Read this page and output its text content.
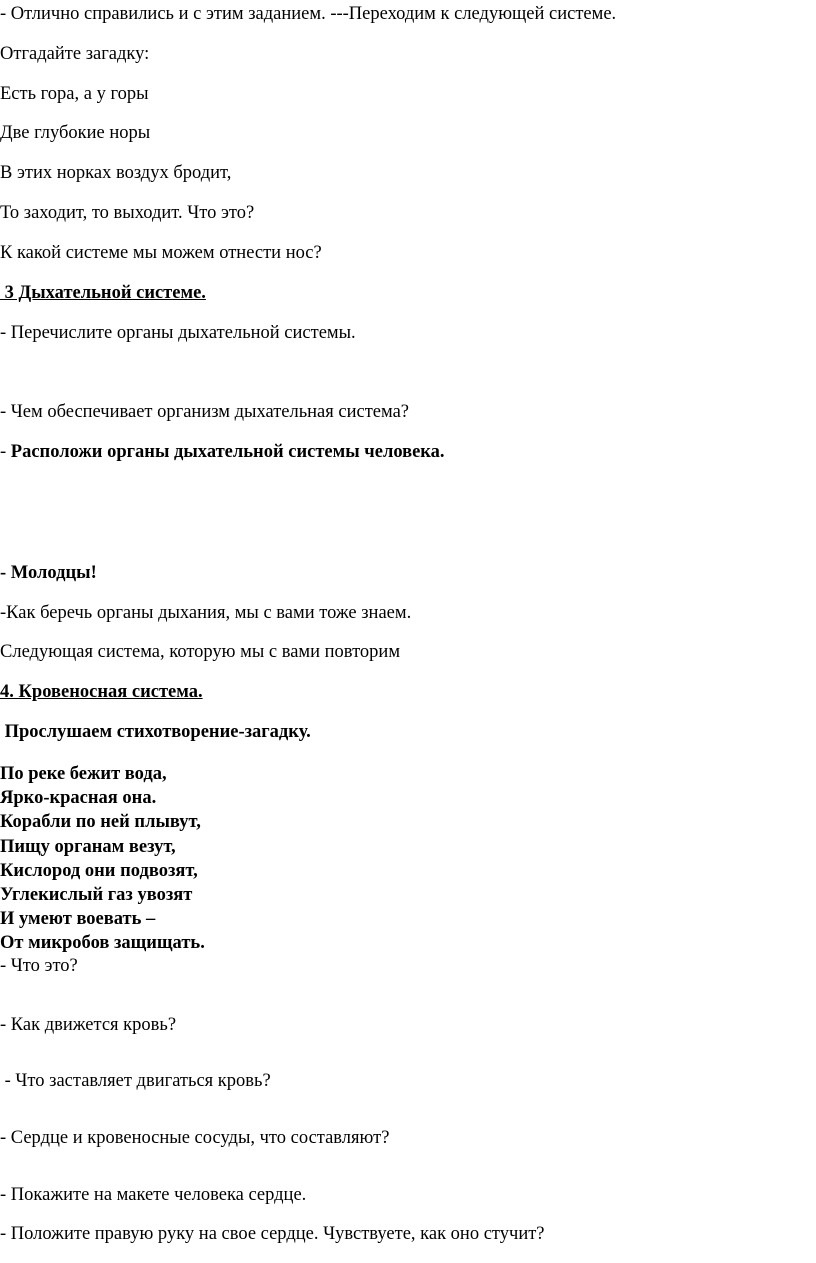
- Отлично справились и с этим заданием. ---Переходим к следующей системе.
Отгадайте загадку:
Есть гора, а у горы
Две глубокие норы
В этих норках воздух бродит,
То заходит, то выходит. Что это?
К какой системе мы можем отнести нос?
3 Дыхательной системе.
- Перечислите органы дыхательной системы.
- Чем обеспечивает организм дыхательная система?
- Расположи органы дыхательной системы человека.
- Молодцы!
-Как беречь органы дыхания, мы с вами тоже знаем.
Следующая система, которую мы с вами повторим
4. Кровеносная система.
Прослушаем стихотворение-загадку.
По реке бежит вода,
Ярко-красная она.
Корабли по ней плывут,
Пищу органам везут,
Кислород они подвозят,
Углекислый газ увозят
И умеют воевать –
От микробов защищать.
- Что это?
- Как движется кровь?
- Что заставляет двигаться кровь?
- Сердце и кровеносные сосуды, что составляют?
- Покажите на макете человека сердце.
- Положите правую руку на свое сердце. Чувствуете, как оно стучит?
